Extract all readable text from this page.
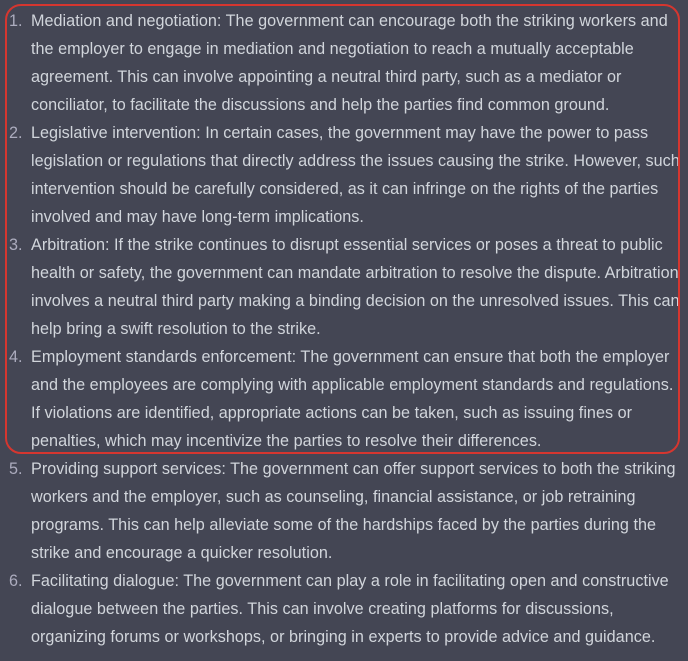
1. Mediation and negotiation: The government can encourage both the striking workers and the employer to engage in mediation and negotiation to reach a mutually acceptable agreement. This can involve appointing a neutral third party, such as a mediator or conciliator, to facilitate the discussions and help the parties find common ground.
2. Legislative intervention: In certain cases, the government may have the power to pass legislation or regulations that directly address the issues causing the strike. However, such intervention should be carefully considered, as it can infringe on the rights of the parties involved and may have long-term implications.
3. Arbitration: If the strike continues to disrupt essential services or poses a threat to public health or safety, the government can mandate arbitration to resolve the dispute. Arbitration involves a neutral third party making a binding decision on the unresolved issues. This can help bring a swift resolution to the strike.
4. Employment standards enforcement: The government can ensure that both the employer and the employees are complying with applicable employment standards and regulations. If violations are identified, appropriate actions can be taken, such as issuing fines or penalties, which may incentivize the parties to resolve their differences.
5. Providing support services: The government can offer support services to both the striking workers and the employer, such as counseling, financial assistance, or job retraining programs. This can help alleviate some of the hardships faced by the parties during the strike and encourage a quicker resolution.
6. Facilitating dialogue: The government can play a role in facilitating open and constructive dialogue between the parties. This can involve creating platforms for discussions, organizing forums or workshops, or bringing in experts to provide advice and guidance.
